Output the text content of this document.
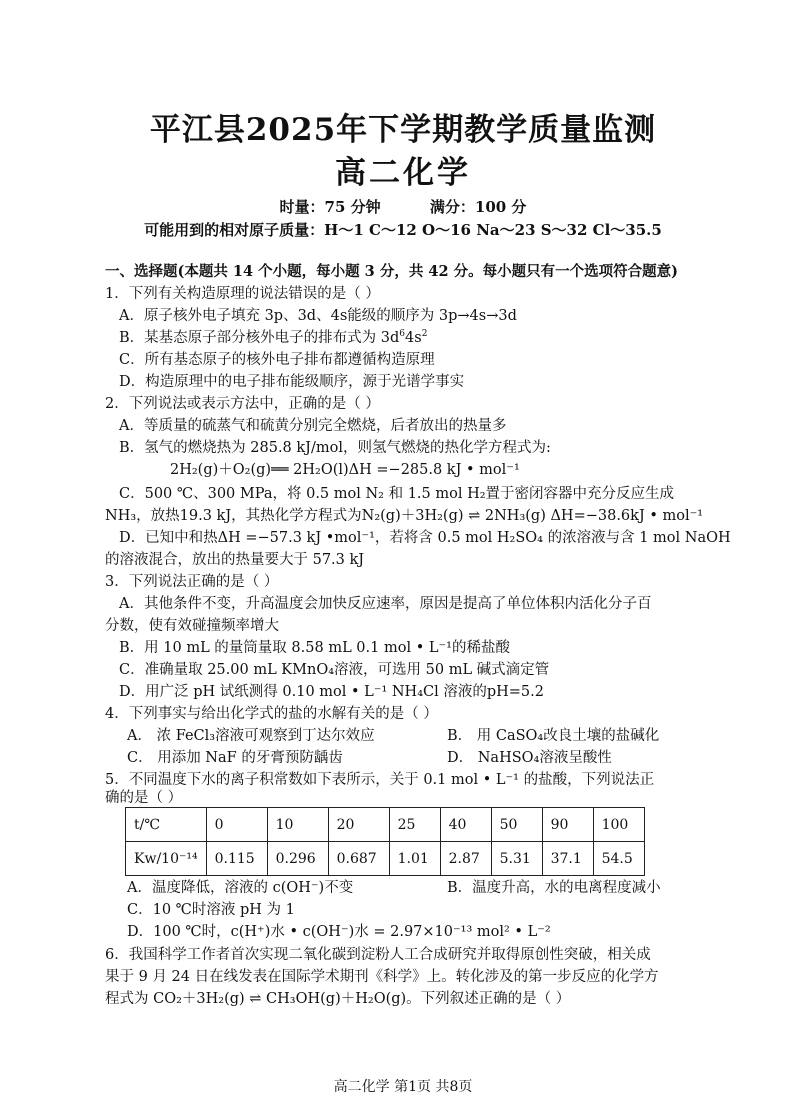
平江县2025年下学期教学质量监测
高二化学
时量：75 分钟	满分：100 分
可能用到的相对原子质量：H～1 C～12 O～16 Na～23 S～32 Cl～35.5
一、选择题(本题共 14 个小题，每小题 3 分，共 42 分。每小题只有一个选项符合题意)
1．下列有关构造原理的说法错误的是（ ）
A．原子核外电子填充 3p、3d、4s能级的顺序为 3p→4s→3d
B．某基态原子部分核外电子的排布式为 $3d^64s^2$
C．所有基态原子的核外电子排布都遵循构造原理
D．构造原理中的电子排布能级顺序，源于光谱学事实
2．下列说法或表示方法中，正确的是（ ）
A．等质量的硫蒸气和硫黄分别完全燃烧，后者放出的热量多
B．氢气的燃烧热为 285.8 kJ/mol，则氢气燃烧的热化学方程式为:
2H₂(g)＋O₂(g)══ 2H₂O(l)ΔH =−285.8 kJ • mol⁻¹
C．500 ℃、300 MPa，将 0.5 mol N₂ 和 1.5 mol H₂置于密闭容器中充分反应生成
NH₃，放热19.3 kJ，其热化学方程式为N₂(g)＋3H₂(g) ⇌ 2NH₃(g) ΔH=−38.6kJ • mol⁻¹
D．已知中和热ΔH =−57.3 kJ •mol⁻¹，若将含 0.5 mol H₂SO₄ 的浓溶液与含 1 mol NaOH
的溶液混合，放出的热量要大于 57.3 kJ
3．下列说法正确的是（ ）
A．其他条件不变，升高温度会加快反应速率，原因是提高了单位体积内活化分子百
分数，使有效碰撞频率增大
B．用 10 mL 的量筒量取 8.58 mL 0.1 mol • L⁻¹的稀盐酸
C．准确量取 25.00 mL KMnO₄溶液，可选用 50 mL 碱式滴定管
D．用广泛 pH 试纸测得 0.10 mol • L⁻¹ NH₄Cl 溶液的pH=5.2
4．下列事实与给出化学式的盐的水解有关的是（ ）
A． 浓 FeCl₃溶液可观察到丁达尔效应	B． 用 CaSO₄改良土壤的盐碱化
C． 用添加 NaF 的牙膏预防龋齿	D． NaHSO₄溶液呈酸性
5．不同温度下水的离子积常数如下表所示，关于 0.1 mol • L⁻¹ 的盐酸，下列说法正
确的是（ ）
t/℃	0	10	20	25	40	50	90	100
Kw/10⁻¹⁴	0.115	0.296	0.687	1.01	2.87	5.31	37.1	54.5
A．温度降低，溶液的 c(OH⁻)不变	B．温度升高，水的电离程度减小
C．10 ℃时溶液 pH 为 1
D．100 ℃时，c(H⁺)水 • c(OH⁻)水 = 2.97×10⁻¹³ mol² • L⁻²
6．我国科学工作者首次实现二氧化碳到淀粉人工合成研究并取得原创性突破，相关成
果于 9 月 24 日在线发表在国际学术期刊《科学》上。转化涉及的第一步反应的化学方
程式为 CO₂＋3H₂(g) ⇌ CH₃OH(g)＋H₂O(g)。下列叙述正确的是（ ）
高二化学 第1页 共8页
